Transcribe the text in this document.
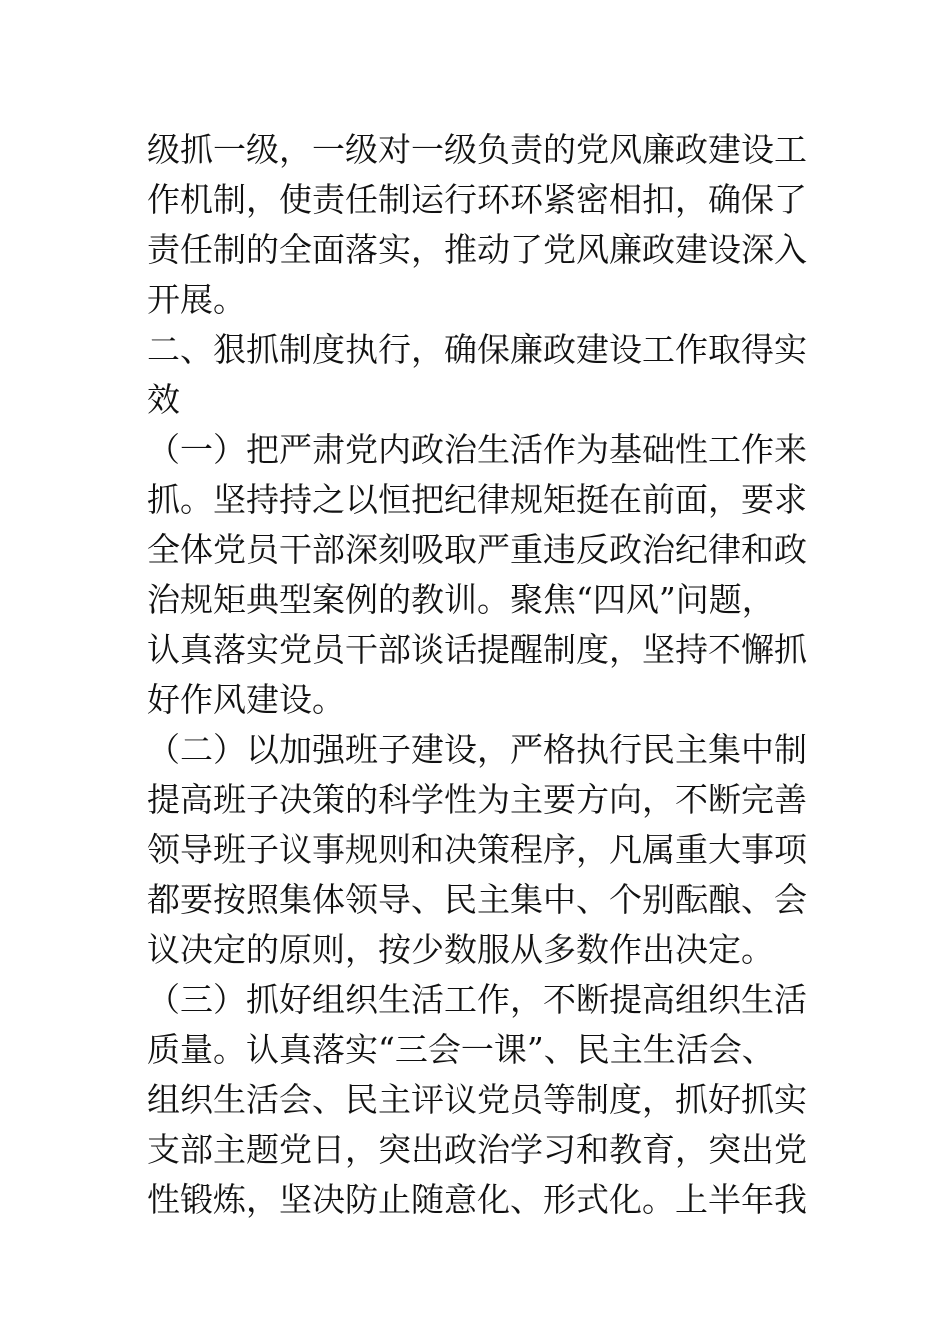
级抓一级，一级对一级负责的党风廉政建设工
作机制，使责任制运行环环紧密相扣，确保了
责任制的全面落实，推动了党风廉政建设深入
开展。
二、狠抓制度执行，确保廉政建设工作取得实
效
（一）把严肃党内政治生活作为基础性工作来
抓。坚持持之以恒把纪律规矩挺在前面，要求
全体党员干部深刻吸取严重违反政治纪律和政
治规矩典型案例的教训。聚焦“四风”问题，
认真落实党员干部谈话提醒制度，坚持不懈抓
好作风建设。
（二）以加强班子建设，严格执行民主集中制
提高班子决策的科学性为主要方向，不断完善
领导班子议事规则和决策程序，凡属重大事项
都要按照集体领导、民主集中、个别酝酿、会
议决定的原则，按少数服从多数作出决定。
（三）抓好组织生活工作，不断提高组织生活
质量。认真落实“三会一课”、民主生活会、
组织生活会、民主评议党员等制度，抓好抓实
支部主题党日，突出政治学习和教育，突出党
性锻炼，坚决防止随意化、形式化。上半年我
